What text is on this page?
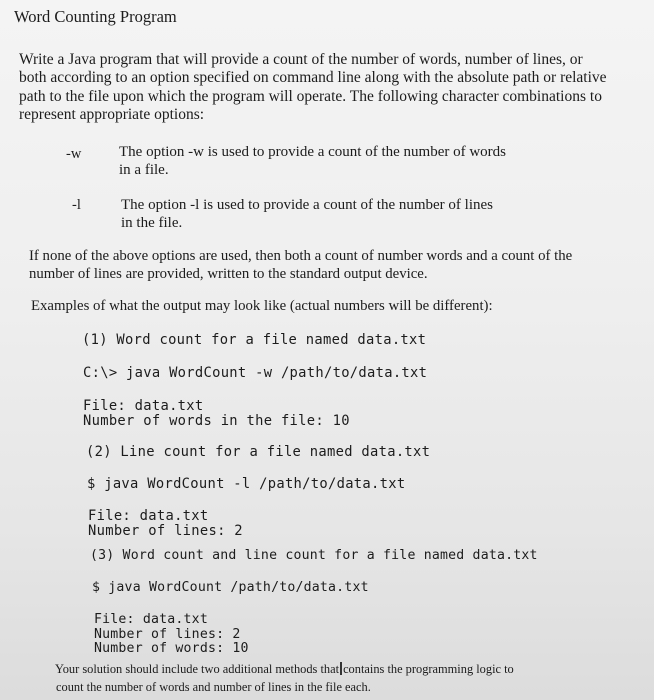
Word Counting Program
Write a Java program that will provide a count of the number of words, number of lines, or
both according to an option specified on command line along with the absolute path or relative
path to the file upon which the program will operate. The following character combinations to
represent appropriate options:
-w	The option -w is used to provide a count of the number of words
in a file.
-l	The option -l is used to provide a count of the number of lines
in the file.
If none of the above options are used, then both a count of number words and a count of the
number of lines are provided, written to the standard output device.
Examples of what the output may look like (actual numbers will be different):
(1) Word count for a file named data.txt
C:\> java WordCount -w /path/to/data.txt
File: data.txt
Number of words in the file: 10
(2) Line count for a file named data.txt
$ java WordCount -l /path/to/data.txt
File: data.txt
Number of lines: 2
(3) Word count and line count for a file named data.txt
$ java WordCount /path/to/data.txt
File: data.txt
Number of lines: 2
Number of words: 10
Your solution should include two additional methods that contains the programming logic to
count the number of words and number of lines in the file each.
